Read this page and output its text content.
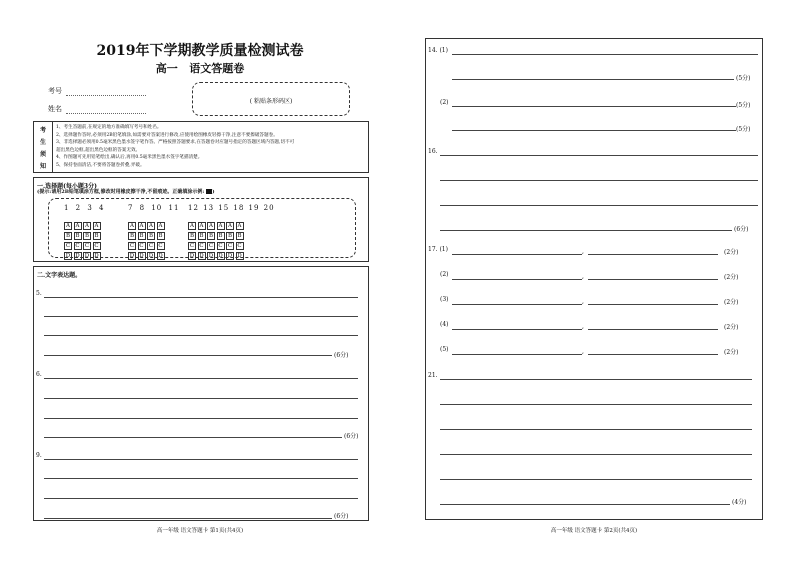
2019年下学期教学质量检测试卷
高一   语文答题卷
考号
姓名
( 粘贴条形码区)
考
生
须
知
1、考生答题前,在规定的地方准确填写考号和姓名。
2、选择题作答时,必须用2B铅笔填涂,如需要对答案进行修改,应使用绘图橡皮轻擦干净,注意不要擦破答题卷。
3、非选择题必须用0.5毫米黑色墨水签字笔作答。严格按照答题要求,在答题卷对应题号指定的答题区域内答题,切不可
超出黑色边框,超出黑色边框的答案无效。
4、作图题可先用铅笔绘出,确认后,再用0.5毫米黑色墨水签字笔描清楚。
5、保持卷面清洁,不要将答题卷折叠,弄破。
一.选择题(每小题3分)
(提示:请用2B铅笔填涂方框,修改时用橡皮擦干净,不留痕迹。正确填涂示例: )
1 2 3 4
A A A A
B B B B
C C C C
D D D D
7 8 10 11
A A A A
B B B B
C C C C
D D D D
12 13 15 18 19 20
A A A A A A
B B B B B B
C C C C C C
D D D D D D
二.文字表达题。
5.
(6分)
6.
(6分)
9.
(6分)
高一年级 语文答题卡 第1页(共4页)
14. (1)
(5分)
(2)	(5分)
(5分)
16.
(6分)
17. (1)	,	(2分)
(2)	,	(2分)
(3)	,	(2分)
(4)	,	(2分)
(5)	,	(2分)
21.
(4分)
高一年级 语文答题卡 第2页(共4页)
